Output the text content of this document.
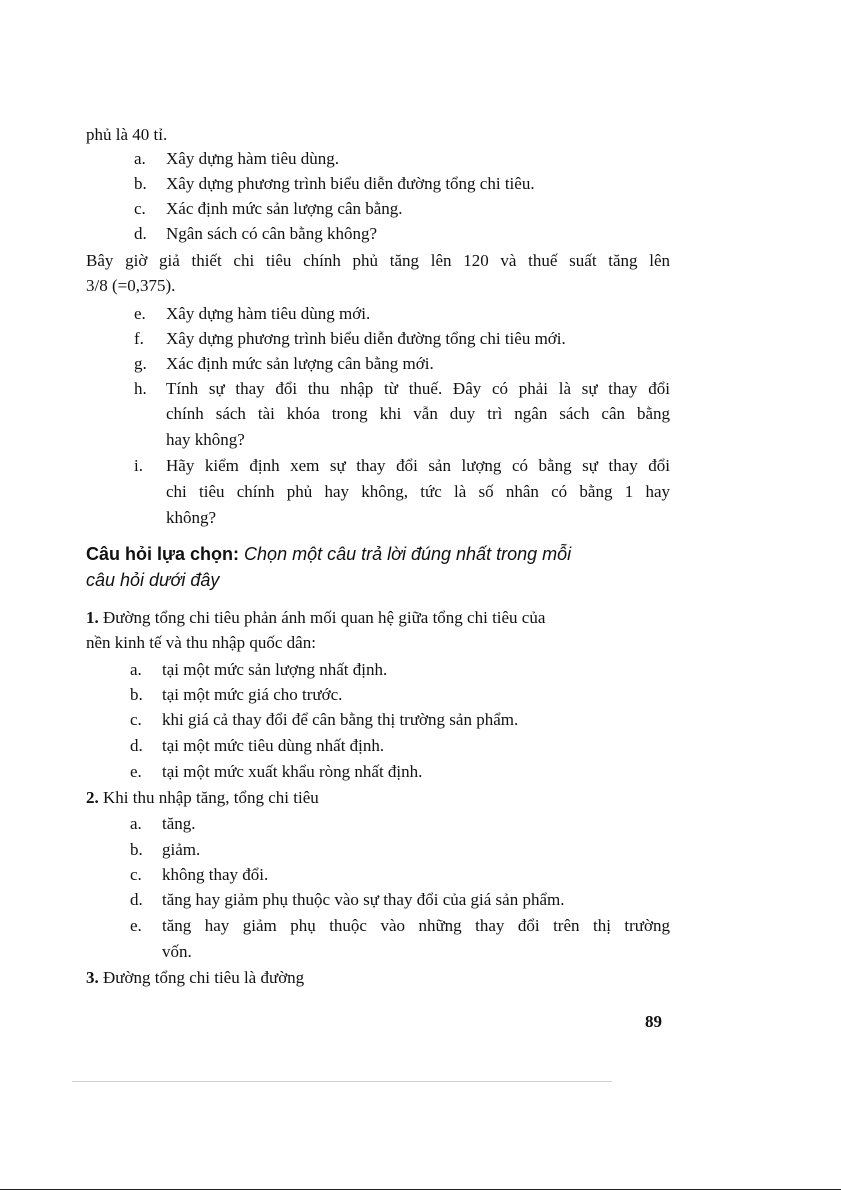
phủ là 40 tỉ.
a. Xây dựng hàm tiêu dùng.
b. Xây dựng phương trình biểu diễn đường tổng chi tiêu.
c. Xác định mức sản lượng cân bằng.
d. Ngân sách có cân bằng không?
Bây giờ giả thiết chi tiêu chính phủ tăng lên 120 và thuế suất tăng lên
3/8 (=0,375).
e. Xây dựng hàm tiêu dùng mới.
f. Xây dựng phương trình biểu diễn đường tổng chi tiêu mới.
g. Xác định mức sản lượng cân bằng mới.
h. Tính sự thay đổi thu nhập từ thuế. Đây có phải là sự thay đổi
chính sách tài khóa trong khi vẫn duy trì ngân sách cân bằng
hay không?
i. Hãy kiểm định xem sự thay đổi sản lượng có bằng sự thay đổi
chi tiêu chính phủ hay không, tức là số nhân có bằng 1 hay
không?
Câu hỏi lựa chọn: Chọn một câu trả lời đúng nhất trong mỗi
câu hỏi dưới đây
1. Đường tổng chi tiêu phản ánh mối quan hệ giữa tổng chi tiêu của
nền kinh tế và thu nhập quốc dân:
a. tại một mức sản lượng nhất định.
b. tại một mức giá cho trước.
c. khi giá cả thay đổi để cân bằng thị trường sản phẩm.
d. tại một mức tiêu dùng nhất định.
e. tại một mức xuất khẩu ròng nhất định.
2. Khi thu nhập tăng, tổng chi tiêu
a. tăng.
b. giảm.
c. không thay đổi.
d. tăng hay giảm phụ thuộc vào sự thay đổi của giá sản phẩm.
e. tăng hay giảm phụ thuộc vào những thay đổi trên thị trường
vốn.
3. Đường tổng chi tiêu là đường
89
